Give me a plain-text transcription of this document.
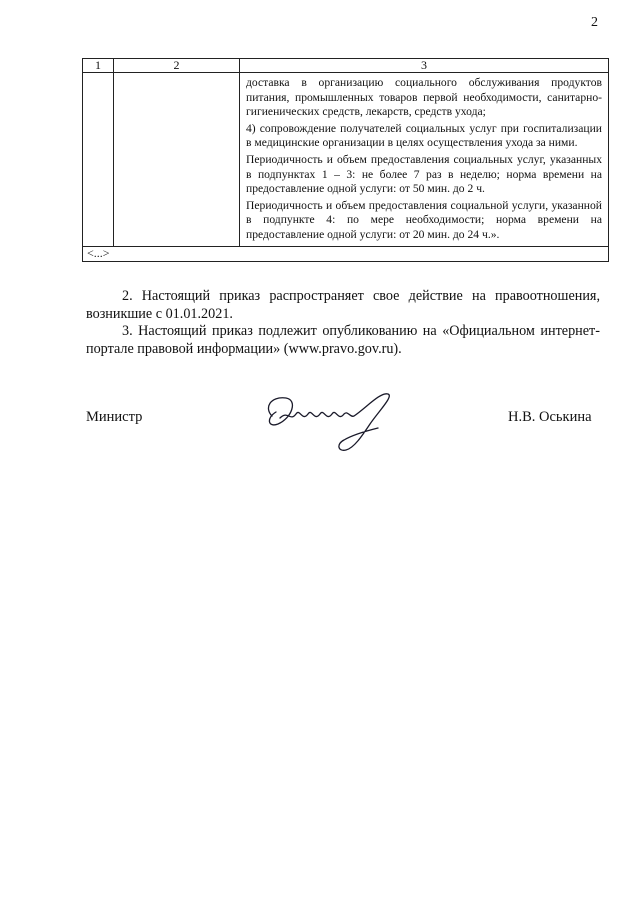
2
1	2	3

		доставка в организацию социального обслуживания продуктов питания, промышленных товаров первой необходимости, санитарно-гигиенических средств, лекарств, средств ухода;

4) сопровождение получателей социальных услуг при госпитализации в медицинские организации в целях осуществления ухода за ними.

Периодичность и объем предоставления социальных услуг, указанных в подпунктах 1 – 3: не более 7 раз в неделю; норма времени на предоставление одной услуги: от 50 мин. до 2 ч.

Периодичность и объем предоставления социальной услуги, указанной в подпункте 4: по мере необходимости; норма времени на предоставление одной услуги: от 20 мин. до 24 ч.».

<...>		

2. Настоящий приказ распространяет свое действие на правоотношения, возникшие с 01.01.2021.

3. Настоящий приказ подлежит опубликованию на «Официальном интернет-портале правовой информации» (www.pravo.gov.ru).

Министр	Н.В. Оськина
